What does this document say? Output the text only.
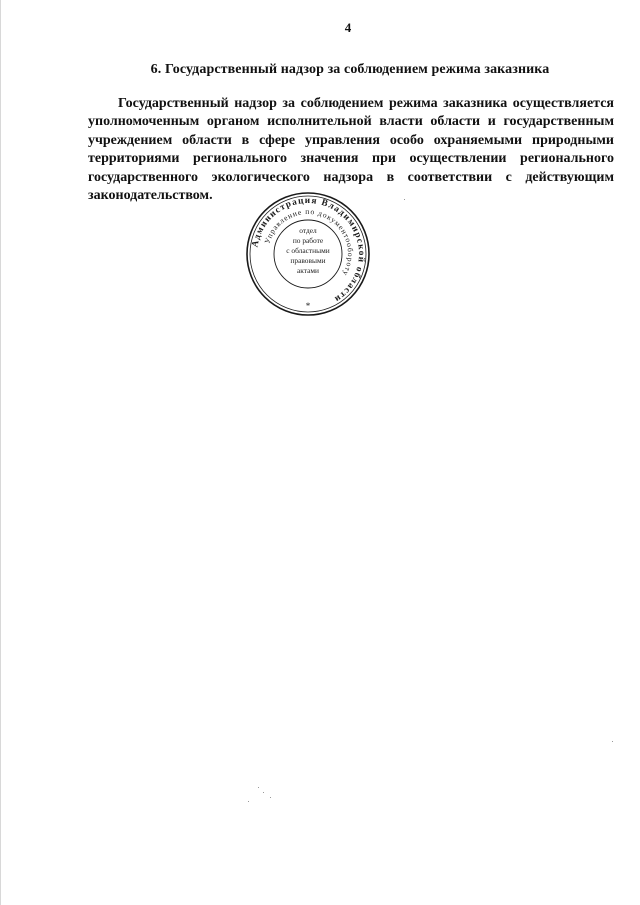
4
6. Государственный надзор за соблюдением режима заказника

Государственный надзор за соблюдением режима заказника осуществляется уполномоченным органом исполнительной власти области и государственным учреждением области в сфере управления особо охраняемыми природными территориями регионального значения при осуществлении регионального государственного экологического надзора в соответствии с действующим законодательством.

Администрация Владимирской области
Управление по документообороту
отдел
по работе
с областными
правовыми
актами
*
